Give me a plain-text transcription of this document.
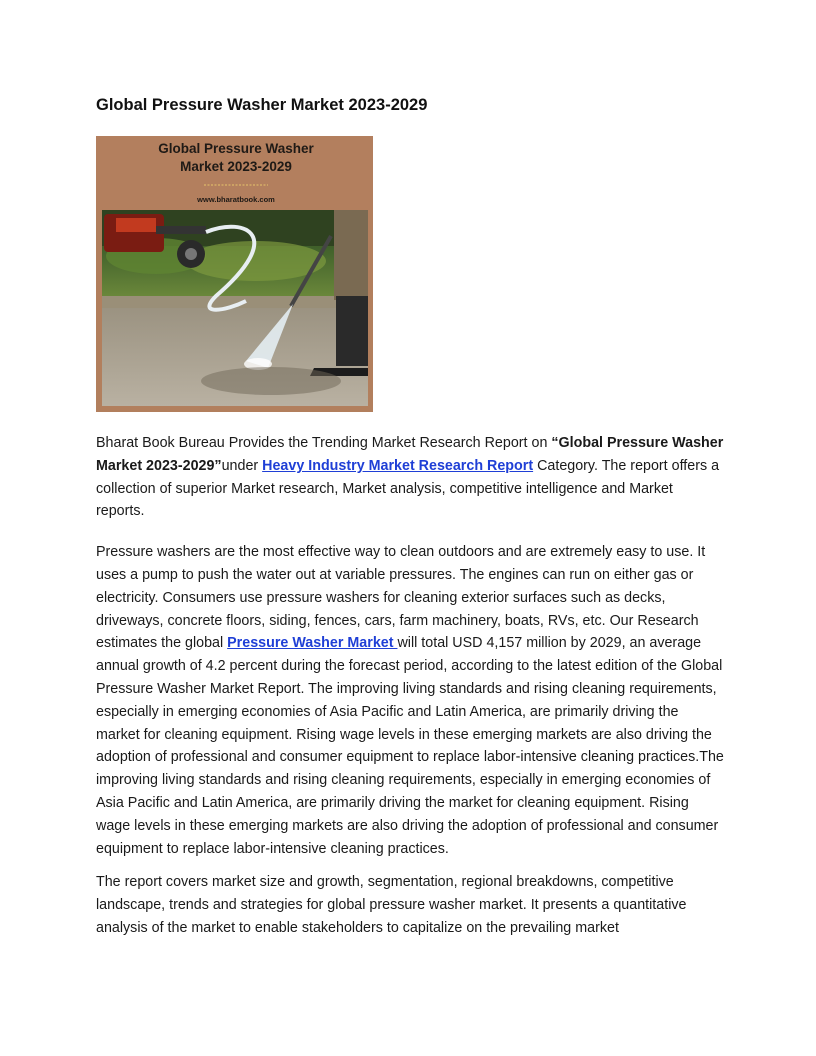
Global Pressure Washer Market 2023-2029
Global Pressure Washer
Market 2023-2029
www.bharatbook.com

Bharat Book Bureau Provides the Trending Market Research Report on “Global Pressure Washer Market 2023-2029”under Heavy Industry Market Research Report Category. The report offers a collection of superior Market research, Market analysis, competitive intelligence and Market reports.

Pressure washers are the most effective way to clean outdoors and are extremely easy to use. It uses a pump to push the water out at variable pressures. The engines can run on either gas or electricity. Consumers use pressure washers for cleaning exterior surfaces such as decks, driveways, concrete floors, siding, fences, cars, farm machinery, boats, RVs, etc. Our Research estimates the global Pressure Washer Market will total USD 4,157 million by 2029, an average annual growth of 4.2 percent during the forecast period, according to the latest edition of the Global Pressure Washer Market Report. The improving living standards and rising cleaning requirements, especially in emerging economies of Asia Pacific and Latin America, are primarily driving the market for cleaning equipment. Rising wage levels in these emerging markets are also driving the adoption of professional and consumer equipment to replace labor-intensive cleaning practices.The improving living standards and rising cleaning requirements, especially in emerging economies of Asia Pacific and Latin America, are primarily driving the market for cleaning equipment. Rising wage levels in these emerging markets are also driving the adoption of professional and consumer equipment to replace labor-intensive cleaning practices.

The report covers market size and growth, segmentation, regional breakdowns, competitive landscape, trends and strategies for global pressure washer market. It presents a quantitative analysis of the market to enable stakeholders to capitalize on the prevailing market
